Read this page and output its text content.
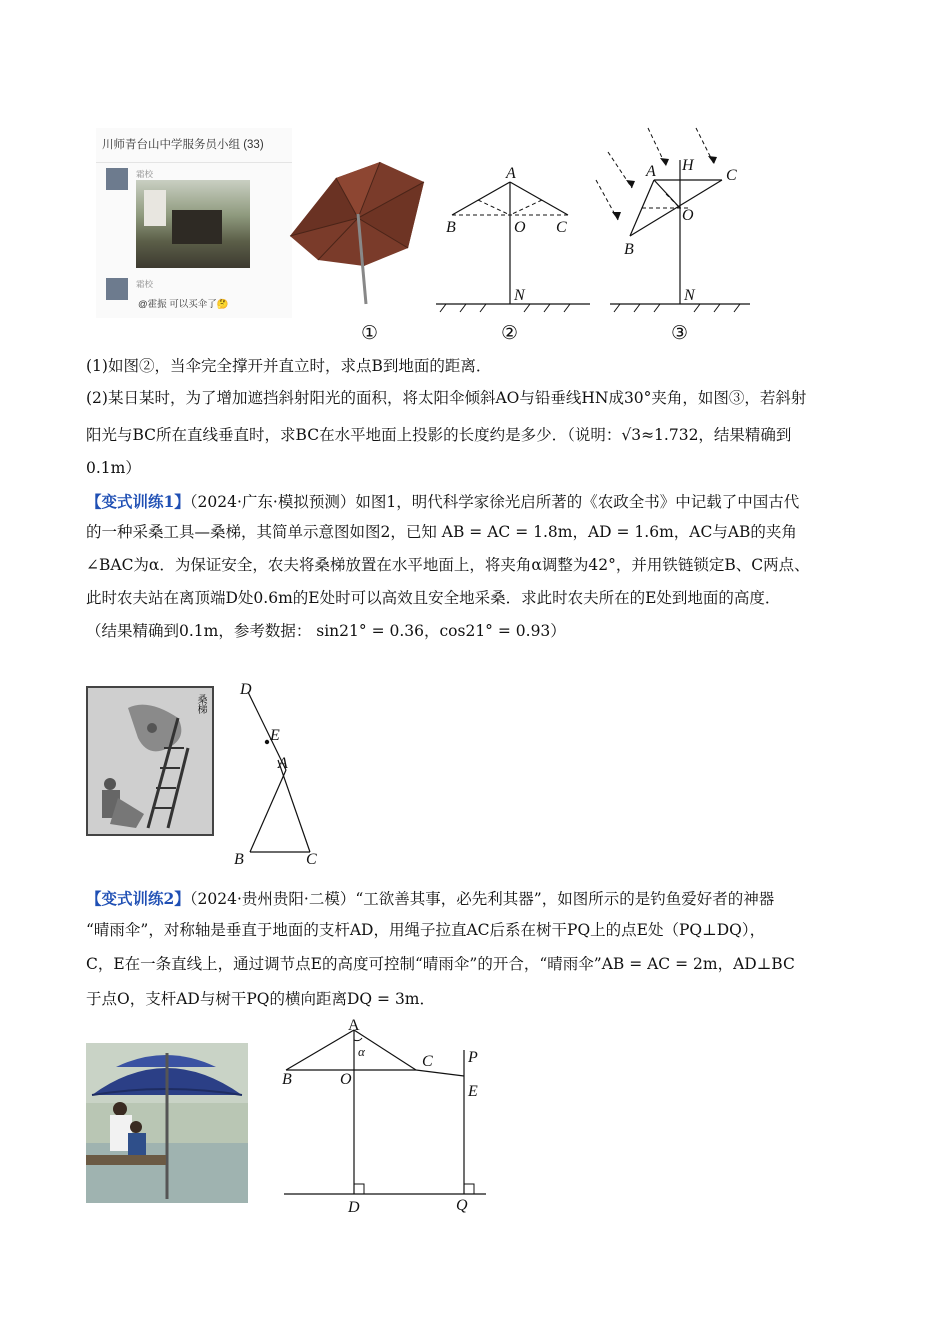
川师青台山中学服务员小组 (33)
霜校
霜校
@霍振 可以买伞了🤔
A
B	O C
N
A H
C
O
B
N
①	②	③
(1)如图②，当伞完全撑开并直立时，求点B到地面的距离．
(2)某日某时，为了增加遮挡斜射阳光的面积，将太阳伞倾斜AO与铅垂线HN成30°夹角，如图③，若斜射
阳光与BC所在直线垂直时，求BC在水平地面上投影的长度约是多少．（说明：√3≈1.732，结果精确到
0.1m）
【变式训练1】（2024·广东·模拟预测）如图1，明代科学家徐光启所著的《农政全书》中记载了中国古代
的一种采桑工具—桑梯，其简单示意图如图2，已知 AB = AC = 1.8m，AD = 1.6m，AC与AB的夹角
∠BAC为α．为保证安全，农夫将桑梯放置在水平地面上，将夹角α调整为42°，并用铁链锁定B、C两点、
此时农夫站在离顶端D处0.6m的E处时可以高效且安全地采桑．求此时农夫所在的E处到地面的高度．
（结果精确到0.1m，参考数据： sin21° = 0.36，cos21° = 0.93）
桑梯
D
E
A
B	C
【变式训练2】（2024·贵州贵阳·二模）“工欲善其事，必先利其器”，如图所示的是钓鱼爱好者的神器
“晴雨伞”，对称轴是垂直于地面的支杆AD，用绳子拉直AC后系在树干PQ上的点E处（PQ⊥DQ），
C，E在一条直线上，通过调节点E的高度可控制“晴雨伞”的开合，“晴雨伞”AB = AC = 2m，AD⊥BC
于点O，支杆AD与树干PQ的横向距离DQ = 3m．
A
α
B	O
C P
E
D	Q
